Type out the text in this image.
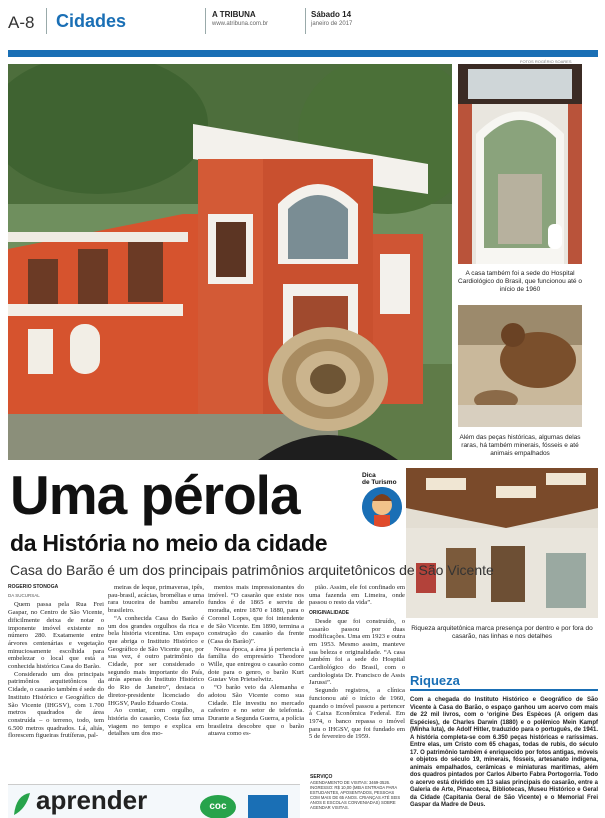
A-8 Cidades	A TRIBUNA
www.atribuna.com.br
Sábado 14
janeiro de 2017
FOTOS ROGÉRIO SOARES
A casa também foi a sede do Hospital Cardiológico do Brasil, que funcionou até o início de 1960
Além das peças históricas, algumas delas raras, há também minerais, fósseis e até animais empalhados
Riqueza arquitetônica marca presença por dentro e por fora do casarão, nas linhas e nos detalhes
Dica
de Turismo
Uma pérola
da História no meio da cidade
Casa do Barão é um dos principais patrimônios arquitetônicos de São Vicente
ROGÉRIO STONOGA
DA SUCURSAL

Quem passa pela Rua Frei Gaspar, no Centro de São Vicente, dificilmente deixa de notar o imponente imóvel existente no número 280. Exatamente entre árvores centenárias e vegetação minuciosamente escolhida para embelezar o local que está a conhecida histórica Casa do Barão.

Considerado um dos principais patrimônios arquitetônicos da Cidade, o casarão também é sede do Instituto Histórico e Geográfico de São Vicente (IHGSV), com 1.700 metros quadrados de área construída – o terreno, todo, tem 6.500 metros quadrados. Lá, aliás, florescem figueiras frutíferas, pal-

meiras de leque, primaveras, ipês, pau-brasil, acácias, bromélias e uma rara touceira de bambu amarelo brasileiro.

“A conhecida Casa do Barão é um dos grandes orgulhos da rica e bela história vicentina. Um espaço que abriga o Instituto Histórico e Geográfico de São Vicente que, por sua vez, é outro patrimônio da Cidade, por ser considerado o segundo mais importante do País, atrás apenas do Instituto Histórico do Rio de Janeiro”, destaca o diretor-presidente licenciado do IHGSV, Paulo Eduardo Costa.

Ao contar, com orgulho, a história do casarão, Costa faz uma viagem no tempo e explica em detalhes um dos mo-

mentos mais impressionantes do imóvel. “O casarão que existe nos fundos é de 1865 e serviu de moradia, entre 1870 e 1880, para o Coronel Lopes, que foi intendente de São Vicente. Em 1890, termina a construção do casarão da frente (Casa do Barão)”.

Nessa época, a área já pertencia à família do empresário Theodore Wille, que entregou o casarão como dote para o genro, o barão Kurt Gustav Von Prietselwitz.

“O barão veio da Alemanha e adotou São Vicente como sua Cidade. Ele investiu no mercado cafeeiro e no setor de telefonia. Durante a Segunda Guerra, a polícia brasileira descobre que o barão atuava como es-

pião. Assim, ele foi confinado em uma fazenda em Limeira, onde passou o resto da vida”.

ORIGINALIDADE

Desde que foi construído, o casarão passou por duas modificações. Uma em 1923 e outra em 1953. Mesmo assim, manteve sua beleza e originalidade. “A casa também foi a sede do Hospital Cardiológico do Brasil, com o cardiologista Dr. Francisco de Assis Jarussi”.

Segundo registros, a clínica funcionou até o início de 1960, quando o imóvel passou a pertencer à Caixa Econômica Federal. Em 1974, o banco repassa o imóvel para o IHGSV, que foi fundado em 5 de fevereiro de 1959.

SERVIÇO
AGENDAMENTO DE VISITAS: 3469-3526. INGRESSO: R$ 10,00 (MEIA ENTRADA PARA ESTUDANTES, APOSENTADOS, PESSOAS COM MAIS DE 65 ANOS. CRIANÇAS ATÉ SEIS ANOS E ESCOLAS CONVENIADAS) SOBRE AGENDAR VISITAS.
Riqueza
Com a chegada do Instituto Histórico e Geográfico de São Vicente à Casa do Barão, o espaço ganhou um acervo com mais de 22 mil livros, com o ‘origine Des Espèces (A origem das Espécies), de Charles Darwin (1880) e o polêmico Mein Kampf (Minha luta), de Adolf Hitler, traduzido para o português, de 1941. A história completa-se com 6.350 peças históricas e raríssimas. Entre elas, um Cristo com 65 chagas, todas de rubis, do século 17. O patrimônio também é enriquecido por fotos antigas, móveis e objetos do século 19, minerais, fósseis, artesanato indígena, animais empalhados, cerâmicas e miniaturas marítimas, além dos quadros pintados por Carlos Alberto Fabra Portogorria. Todo o acervo está dividido em 13 salas principais do casarão, entre a Galeria de Arte, Pinacoteca, Bibliotecas, Museu Histórico e Geral da Cidade (Capitania Geral de São Vicente) e o Memorial Frei Gaspar da Madre de Deus.
aprender	coc
